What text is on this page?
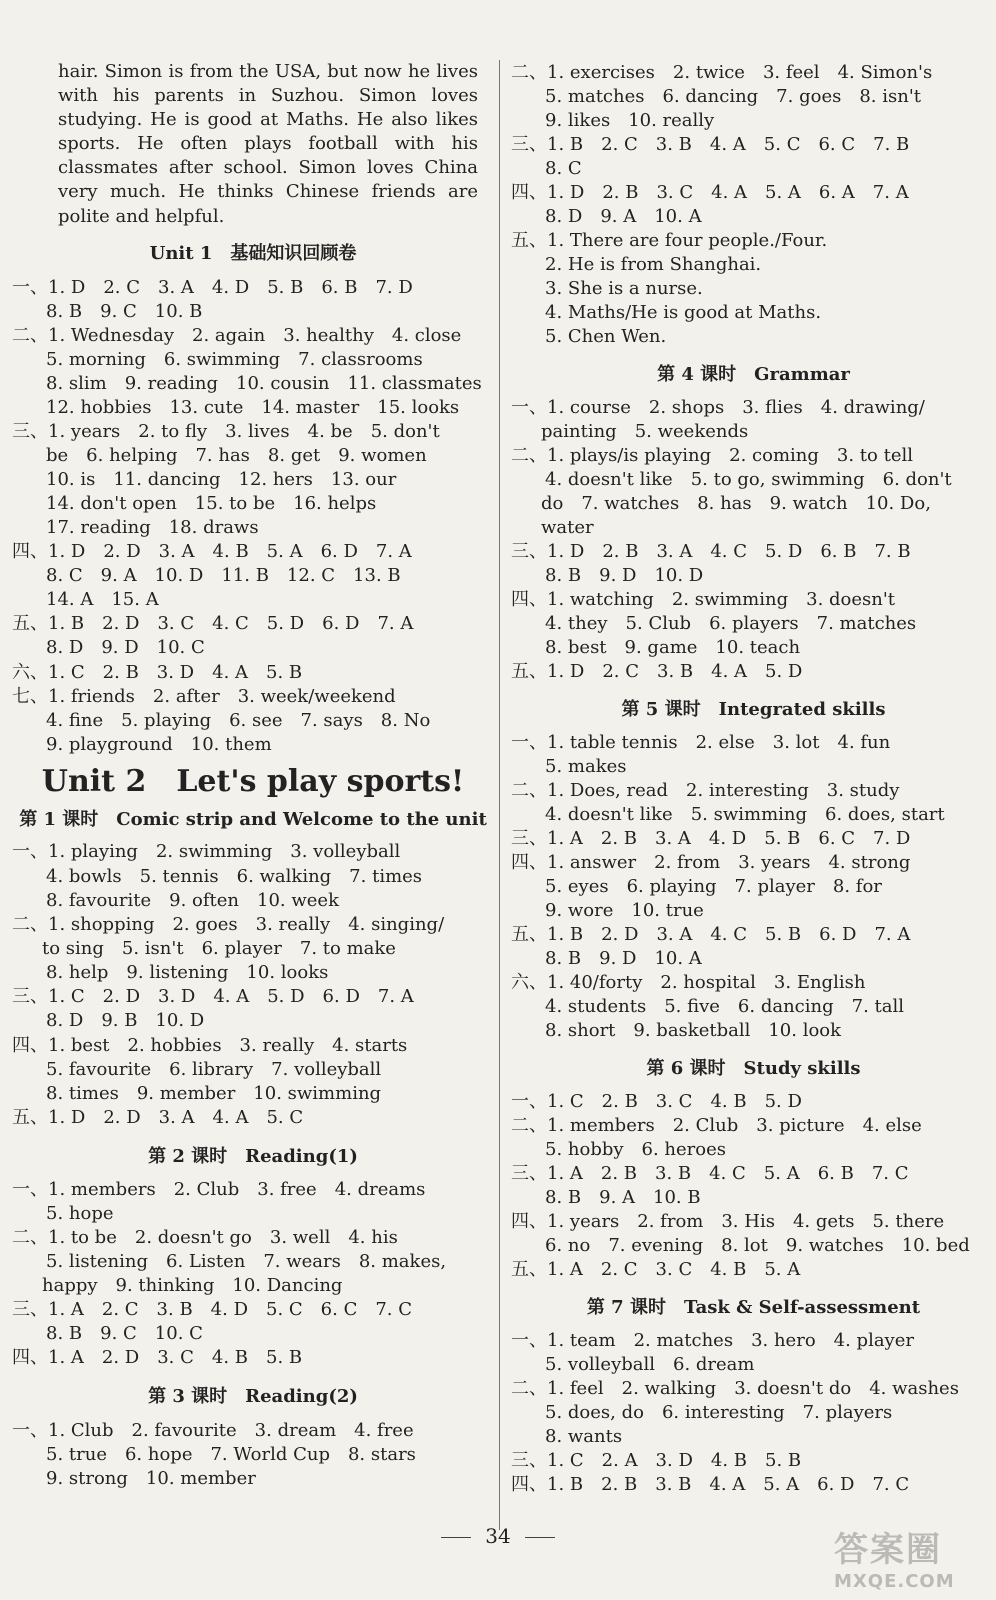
hair. Simon is from the USA, but now he lives with his parents in Suzhou. Simon loves studying. He is good at Maths. He also likes sports. He often plays football with his classmates after school. Simon loves China very much. He thinks Chinese friends are polite and helpful.

Unit 1　基础知识回顾卷
一、1. D　2. C　3. A　4. D　5. B　6. B　7. D
8. B　9. C　10. B
二、1. Wednesday　2. again　3. healthy　4. close
5. morning　6. swimming　7. classrooms
8. slim　9. reading　10. cousin　11. classmates
12. hobbies　13. cute　14. master　15. looks
三、1. years　2. to fly　3. lives　4. be　5. don't
be　6. helping　7. has　8. get　9. women
10. is　11. dancing　12. hers　13. our
14. don't open　15. to be　16. helps
17. reading　18. draws
四、1. D　2. D　3. A　4. B　5. A　6. D　7. A
8. C　9. A　10. D　11. B　12. C　13. B
14. A　15. A
五、1. B　2. D　3. C　4. C　5. D　6. D　7. A
8. D　9. D　10. C
六、1. C　2. B　3. D　4. A　5. B
七、1. friends　2. after　3. week/weekend
4. fine　5. playing　6. see　7. says　8. No
9. playground　10. them
Unit 2　Let's play sports!
第 1 课时　Comic strip and Welcome to the unit
一、1. playing　2. swimming　3. volleyball
4. bowls　5. tennis　6. walking　7. times
8. favourite　9. often　10. week
二、1. shopping　2. goes　3. really　4. singing/
to sing　5. isn't　6. player　7. to make
8. help　9. listening　10. looks
三、1. C　2. D　3. D　4. A　5. D　6. D　7. A
8. D　9. B　10. D
四、1. best　2. hobbies　3. really　4. starts
5. favourite　6. library　7. volleyball
8. times　9. member　10. swimming
五、1. D　2. D　3. A　4. A　5. C
第 2 课时　Reading(1)
一、1. members　2. Club　3. free　4. dreams
5. hope
二、1. to be　2. doesn't go　3. well　4. his
5. listening　6. Listen　7. wears　8. makes,
happy　9. thinking　10. Dancing
三、1. A　2. C　3. B　4. D　5. C　6. C　7. C
8. B　9. C　10. C
四、1. A　2. D　3. C　4. B　5. B
第 3 课时　Reading(2)
一、1. Club　2. favourite　3. dream　4. free
5. true　6. hope　7. World Cup　8. stars
9. strong　10. member
二、1. exercises　2. twice　3. feel　4. Simon's
5. matches　6. dancing　7. goes　8. isn't
9. likes　10. really
三、1. B　2. C　3. B　4. A　5. C　6. C　7. B
8. C
四、1. D　2. B　3. C　4. A　5. A　6. A　7. A
8. D　9. A　10. A
五、1. There are four people./Four.
2. He is from Shanghai.
3. She is a nurse.
4. Maths/He is good at Maths.
5. Chen Wen.
第 4 课时　Grammar
一、1. course　2. shops　3. flies　4. drawing/
painting　5. weekends
二、1. plays/is playing　2. coming　3. to tell
4. doesn't like　5. to go, swimming　6. don't
do　7. watches　8. has　9. watch　10. Do,
water
三、1. D　2. B　3. A　4. C　5. D　6. B　7. B
8. B　9. D　10. D
四、1. watching　2. swimming　3. doesn't
4. they　5. Club　6. players　7. matches
8. best　9. game　10. teach
五、1. D　2. C　3. B　4. A　5. D
第 5 课时　Integrated skills
一、1. table tennis　2. else　3. lot　4. fun
5. makes
二、1. Does, read　2. interesting　3. study
4. doesn't like　5. swimming　6. does, start
三、1. A　2. B　3. A　4. D　5. B　6. C　7. D
四、1. answer　2. from　3. years　4. strong
5. eyes　6. playing　7. player　8. for
9. wore　10. true
五、1. B　2. D　3. A　4. C　5. B　6. D　7. A
8. B　9. D　10. A
六、1. 40/forty　2. hospital　3. English
4. students　5. five　6. dancing　7. tall
8. short　9. basketball　10. look
第 6 课时　Study skills
一、1. C　2. B　3. C　4. B　5. D
二、1. members　2. Club　3. picture　4. else
5. hobby　6. heroes
三、1. A　2. B　3. B　4. C　5. A　6. B　7. C
8. B　9. A　10. B
四、1. years　2. from　3. His　4. gets　5. there
6. no　7. evening　8. lot　9. watches　10. bed
五、1. A　2. C　3. C　4. B　5. A
第 7 课时　Task & Self-assessment
一、1. team　2. matches　3. hero　4. player
5. volleyball　6. dream
二、1. feel　2. walking　3. doesn't do　4. washes
5. does, do　6. interesting　7. players
8. wants
三、1. C　2. A　3. D　4. B　5. B
四、1. B　2. B　3. B　4. A　5. A　6. D　7. C
34	答案圈
MXQE.COM
